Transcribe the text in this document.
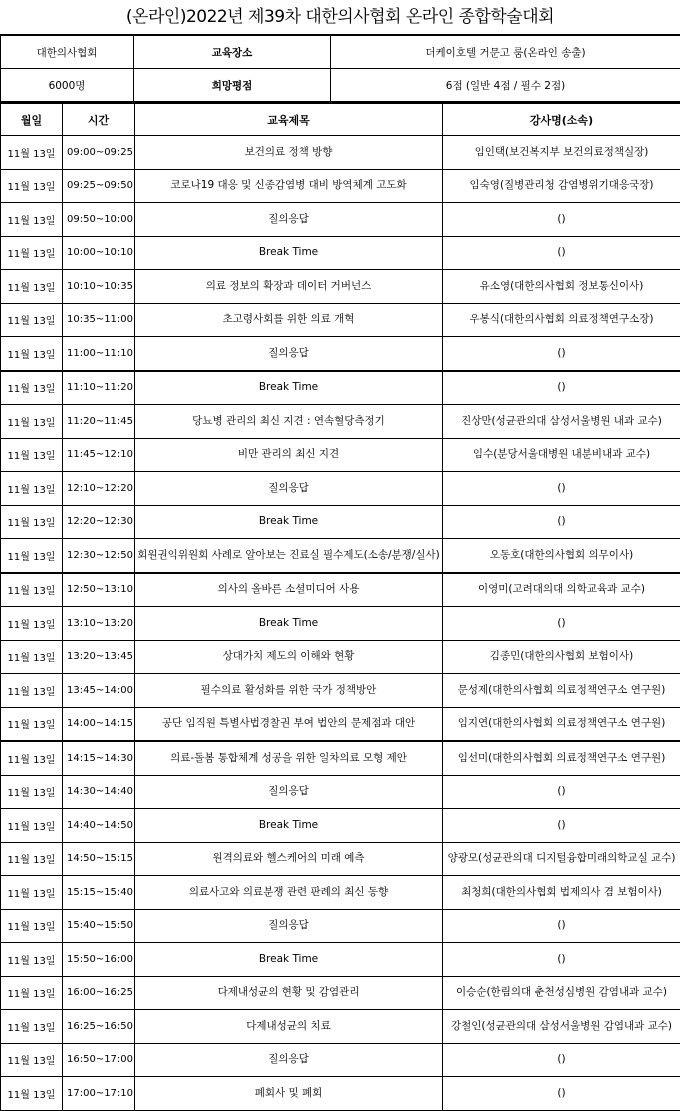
(온라인)2022년 제39차 대한의사협회 온라인 종합학술대회
대한의사협회	교육장소	더케이호텔 거문고 룸(온라인 송출)
6000명	희망평점	6점 (일반 4점 / 필수 2점)
월일	시간	교육제목	강사명(소속)
11월 13일	09:00~09:25	보건의료 정책 방향	임인택(보건복지부 보건의료정책실장)
11월 13일	09:25~09:50	코로나19 대응 및 신종감염병 대비 방역체계 고도화	임숙영(질병관리청 감염병위기대응국장)
11월 13일	09:50~10:00	질의응답	()
11월 13일	10:00~10:10	Break Time	()
11월 13일	10:10~10:35	의료 정보의 확장과 데이터 거버넌스	유소영(대한의사협회 정보통신이사)
11월 13일	10:35~11:00	초고령사회를 위한 의료 개혁	우봉식(대한의사협회 의료정책연구소장)
11월 13일	11:00~11:10	질의응답	()
11월 13일	11:10~11:20	Break Time	()
11월 13일	11:20~11:45	당뇨병 관리의 최신 지견 : 연속혈당측정기	진상만(성균관의대 삼성서울병원 내과 교수)
11월 13일	11:45~12:10	비만 관리의 최신 지견	임수(분당서울대병원 내분비내과 교수)
11월 13일	12:10~12:20	질의응답	()
11월 13일	12:20~12:30	Break Time	()
11월 13일	12:30~12:50	회원권익위원회 사례로 알아보는 진료실 필수제도(소송/분쟁/실사)	오동호(대한의사협회 의무이사)
11월 13일	12:50~13:10	의사의 올바른 소셜미디어 사용	이영미(고려대의대 의학교육과 교수)
11월 13일	13:10~13:20	Break Time	()
11월 13일	13:20~13:45	상대가치 제도의 이해와 현황	김종민(대한의사협회 보험이사)
11월 13일	13:45~14:00	필수의료 활성화를 위한 국가 정책방안	문성제(대한의사협회 의료정책연구소 연구원)
11월 13일	14:00~14:15	공단 임직원 특별사법경찰권 부여 법안의 문제점과 대안	임지연(대한의사협회 의료정책연구소 연구원)
11월 13일	14:15~14:30	의료-돌봄 통합체계 성공을 위한 일차의료 모형 제안	임선미(대한의사협회 의료정책연구소 연구원)
11월 13일	14:30~14:40	질의응답	()
11월 13일	14:40~14:50	Break Time	()
11월 13일	14:50~15:15	원격의료와 헬스케어의 미래 예측	양광모(성균관의대 디지털융합미래의학교실 교수)
11월 13일	15:15~15:40	의료사고와 의료분쟁 관련 판례의 최신 동향	최청희(대한의사협회 법제의사 겸 보험이사)
11월 13일	15:40~15:50	질의응답	()
11월 13일	15:50~16:00	Break Time	()
11월 13일	16:00~16:25	다제내성균의 현황 및 감염관리	이승순(한림의대 춘천성심병원 감염내과 교수)
11월 13일	16:25~16:50	다제내성균의 치료	강철인(성균관의대 삼성서울병원 감염내과 교수)
11월 13일	16:50~17:00	질의응답	()
11월 13일	17:00~17:10	폐회사 및 폐회	()
